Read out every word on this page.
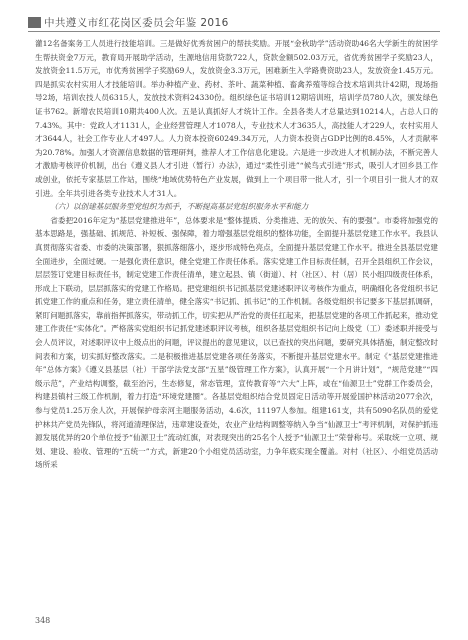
中共遵义市红花岗区委员会年鉴 2016

灌12名备案务工人员进行技能培训。三是做好优秀贫困户的帮扶奖励。开展“金秋助学”活动资助46名大学新生的贫困学生帮扶资金7万元，教育局开展助学活动，生源地信用贷款722人，贷款金额502.03万元，省优秀贫困学子奖励23人，发放资金11.5万元，市优秀贫困学子奖励69人，发放资金3.3万元，困难新生入学路费资助23人，发放资金1.45万元。四是抓实农村实用人才技能培训。举办种植产业、药材、茶叶、蔬菜种植、畜禽养殖等综合技术培训共计42期，现场指导2场，培训农技人员6315人，发放技术资料24330份。组织绿色证书培训12期培训班，培训学员780人次，颁发绿色证书762。新增农民培训10期共400人次。五是认真抓好人才统计工作。全县各类人才总量达到10214人，占总人口的7.43%。其中：党政人才1131人，企业经营管理人才1078人，专业技术人才3635人，高技能人才229人，农村实用人才3644人，社会工作专业人才497人。人力资本投资60249.34万元，人力资本投资占GDP比例的8.45%，人才贡献率为20.78%。加强人才资源信息数据的管理研判，推荐人才工作信息化建设。六是进一步改进人才机制办法，不断完善人才激励考核评价机制，出台《遵义县人才引进（暂行）办法》，通过“柔性引进”“候鸟式引进”形式，吸引人才回乡县工作或创业，依托专家基层工作站，围绕“地域优势特色产业发展，做到上一个项目带一批人才，引一个项目引一批人才的双引进。全年共引进各类专业技术人才31人。

（六）以创建基层服务型党组织为抓手，不断提高基层党组织服务水平和能力

省委把2016年定为“基层党建推进年”，总体要求是“整体提质、分类推进、无的放矢、有的要强”。市委将加强党的基本思路是，强基础、抓规范、补短板、强保障，着力增强基层党组织的整体功能，全面提升基层党建工作水平。我县认真贯彻落实省委、市委的决策部署，狠抓落细落小，逐步形成特色亮点，全面提升基层党建工作水平。推进全县基层党建全面进步，全面过硬。一是强化责任意识，健全党建工作责任体系。落实党建工作目标责任制，召开全县组织工作会议，层层签订党建目标责任书，制定党建工作责任清单，建立起县、镇（街道）、村（社区）、村（居）民小组四级责任体系，形成上下联动，层层抓落实的党建工作格局。把党建组织书记抓基层党建述职评议考核作为重点，明确细化各党组织书记抓党建工作的重点和任务，建立责任清单，健全落实“书记抓、抓书记”的工作机制。各级党组织书记要多下基层抓调研，紧盯问题抓落实，靠前指挥抓落实，带动抓工作，切实把从严治党的责任扛起来，把基层党建的各项工作抓起来，推动党建工作责任“实体化”。严格落实党组织书记抓党建述职评议考核，组织各基层党组织书记向上级党（工）委述职并接受与会人员评议，对述职评议中上级点出的问题，评议提出的意见建议，以已查找的突出问题，要研究具体措施，制定整改时间表和方案，切实抓好整改落实。二是积极推进基层党建各项任务落实，不断提升基层党建水平。制定《“基层党建推进年”总体方案》《遵义县基层（社）干部学法党支部“五星”级管理工作方案》，认真开展“一个月讲计划”，“规范党建”“四级示范”，产业结构调整，截至治污，生态修复，常态管理，宣传教育等“六大”上阵，或在“仙源卫士”党群工作委员会，构建县镇村三级工作机制，着力打造“环境党建圈”。各基层党组织结合党员固定日活动等开展爱国护林活动2077余次，参与党员1.25万余人次，开展保护母亲河主题服务活动，4.6次，11197人参加。组建161支，共有5090名队员的爱党护林共产党员先锋队，将河道清理保洁，违章建设查处，农业产业结构调整等纳入争当“仙源卫士”考评机制，对保护抓违源发展优异的20个单位授予“仙源卫士”流动红旗，对表现突出的25名个人授予“仙源卫士”荣誉称号。采取统一立项、规划、建设、验收、管理的“五统一”方式，新建20个小组党员活动室，力争年底实现全覆盖。对村（社区）、小组党员活动场所采

348
